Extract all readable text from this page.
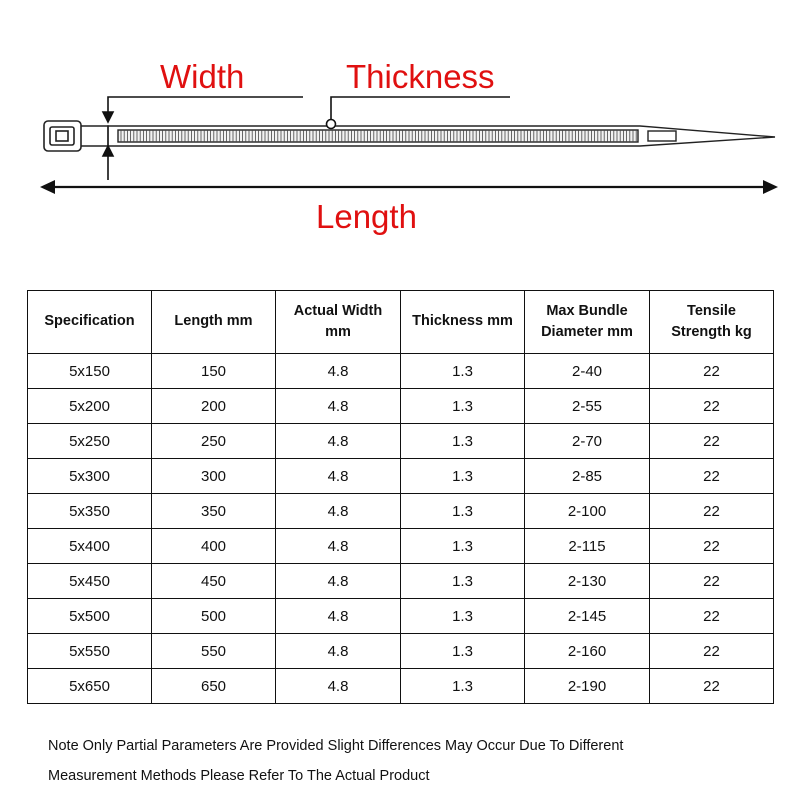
Width	Thickness
Length
Specification	Length mm	Actual Width mm	Thickness mm	Max Bundle Diameter mm	Tensile Strength kg
5x150	150	4.8	1.3	2-40	22
5x200	200	4.8	1.3	2-55	22
5x250	250	4.8	1.3	2-70	22
5x300	300	4.8	1.3	2-85	22
5x350	350	4.8	1.3	2-100	22
5x400	400	4.8	1.3	2-115	22
5x450	450	4.8	1.3	2-130	22
5x500	500	4.8	1.3	2-145	22
5x550	550	4.8	1.3	2-160	22
5x650	650	4.8	1.3	2-190	22
Note Only Partial Parameters Are Provided Slight Differences May Occur Due To Different
Measurement Methods Please Refer To The Actual Product
